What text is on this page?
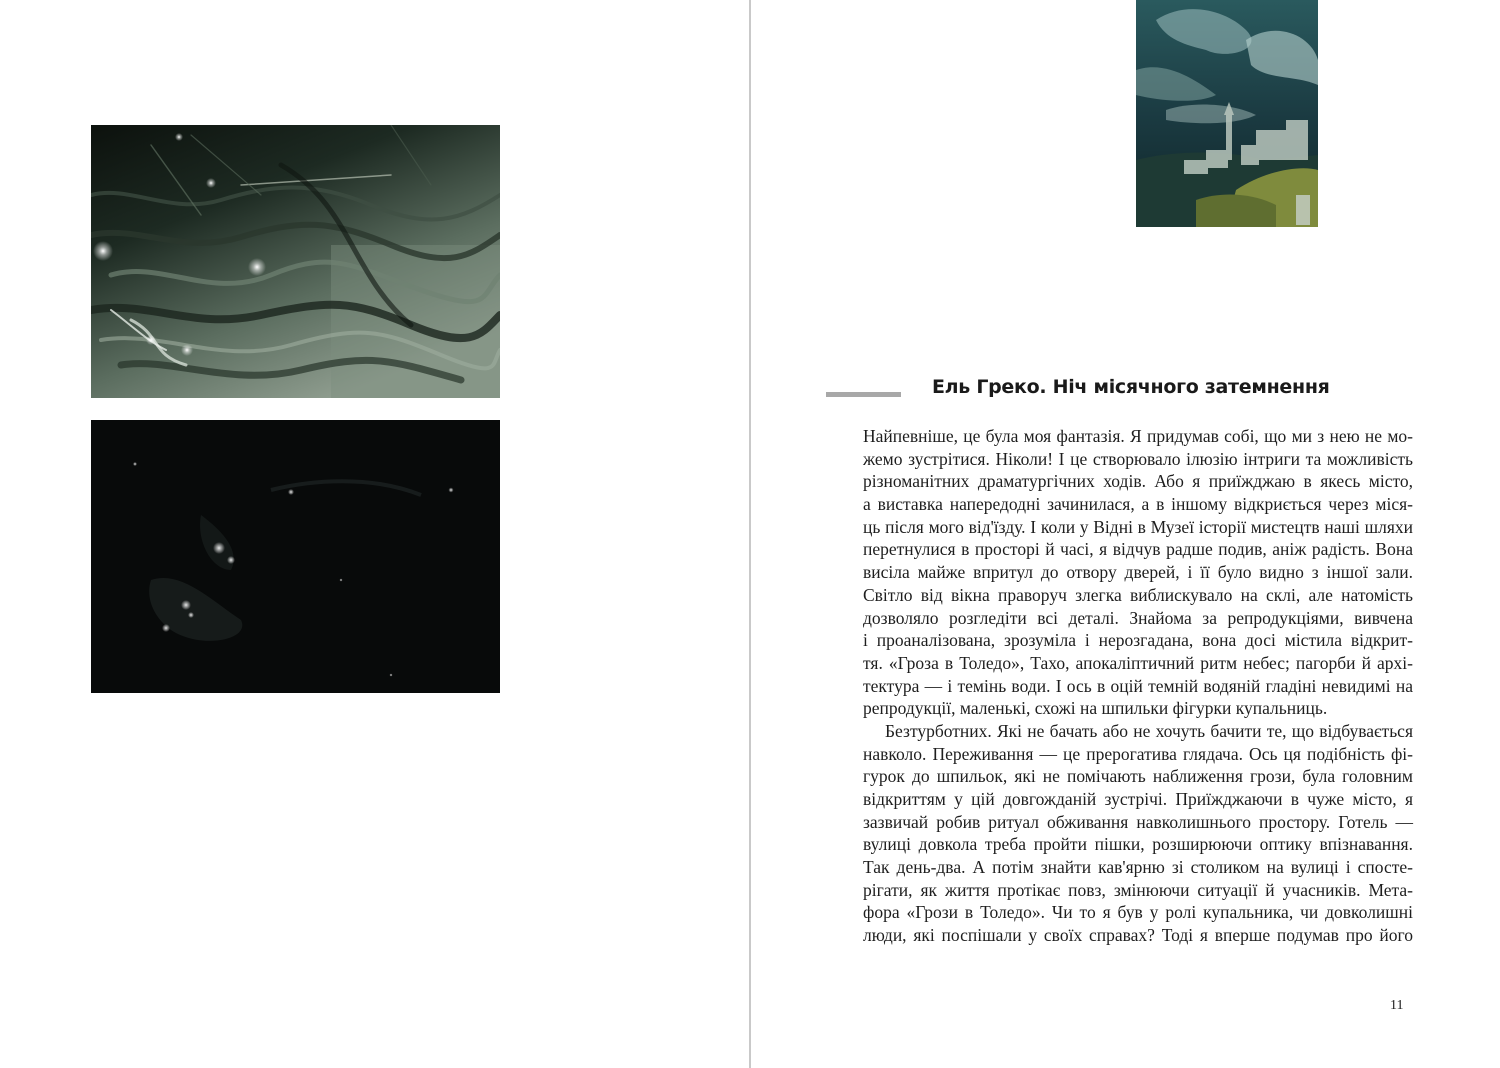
Ель Греко. Ніч місячного затемнення
Найпевніше, це була моя фантазія. Я придумав собі, що ми з нею не мо-
жемо зустрітися. Ніколи! І це створювало ілюзію інтриги та можливість
різноманітних драматургічних ходів. Або я приїжджаю в якесь місто,
а виставка напередодні зачинилася, а в іншому відкриється через міся-
ць після мого від'їзду. І коли у Відні в Музеї історії мистецтв наші шляхи
перетнулися в просторі й часі, я відчув радше подив, аніж радість. Вона
висіла майже впритул до отвору дверей, і її було видно з іншої зали.
Світло від вікна праворуч злегка виблискувало на склі, але натомість
дозволяло розгледіти всі деталі. Знайома за репродукціями, вивчена
і проаналізована, зрозуміла і нерозгадана, вона досі містила відкрит-
тя. «Гроза в Толедо», Тахо, апокаліптичний ритм небес; пагорби й архі-
тектура — і темінь води. І ось в оцій темній водяній гладіні невидимі на
репродукції, маленькі, схожі на шпильки фігурки купальниць.
Безтурботних. Які не бачать або не хочуть бачити те, що відбувається
навколо. Переживання — це прерогатива глядача. Ось ця подібність фі-
гурок до шпильок, які не помічають наближення грози, була головним
відкриттям у цій довгожданій зустрічі. Приїжджаючи в чуже місто, я
зазвичай робив ритуал обживання навколишнього простору. Готель —
вулиці довкола треба пройти пішки, розширюючи оптику впізнавання.
Так день-два. А потім знайти кав'ярню зі столиком на вулиці і спосте-
рігати, як життя протікає повз, змінюючи ситуації й учасників. Мета-
фора «Грози в Толедо». Чи то я був у ролі купальника, чи довколишні
люди, які поспішали у своїх справах? Тоді я вперше подумав про його
11
